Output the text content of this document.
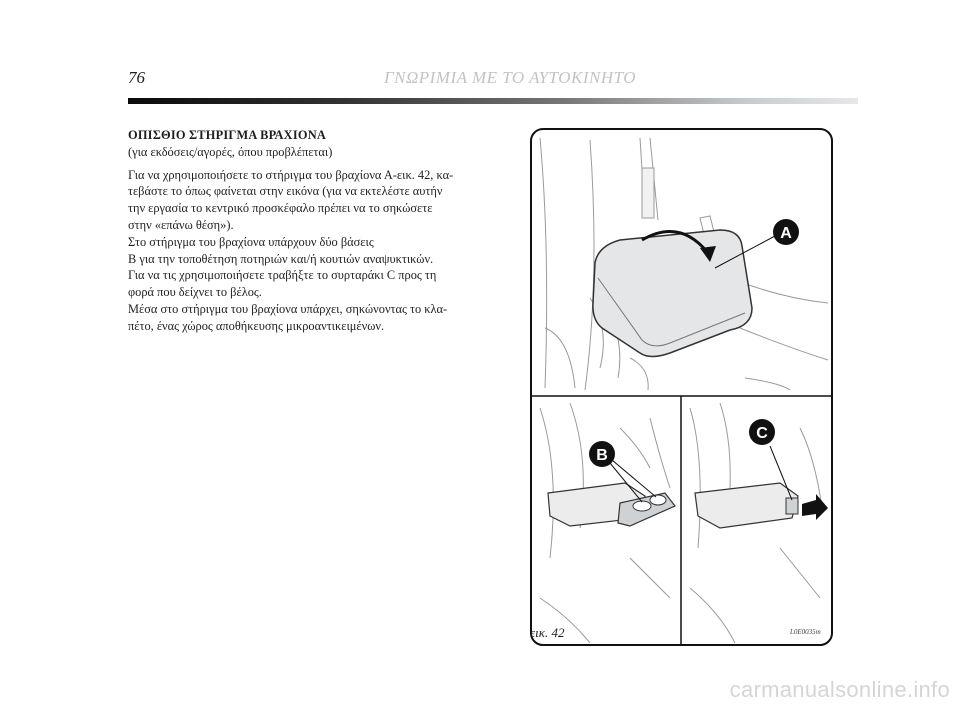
76	ΓΝΩΡΙΜΙΑ ΜΕ ΤΟ ΑΥΤΟΚΙΝΗΤΟ
ΟΠΙΣΘΙΟ ΣΤΗΡΙΓΜΑ ΒΡΑΧΙΟΝΑ
(για εκδόσεις/αγορές, όπου προβλέπεται)
Για να χρησιμοποιήσετε το στήριγμα του βραχίονα Α-εικ. 42, κα-
τεβάστε το όπως φαίνεται στην εικόνα (για να εκτελέστε αυτήν
την εργασία το κεντρικό προσκέφαλο πρέπει να το σηκώσετε
στην «επάνω θέση»).
Στο στήριγμα του βραχίονα υπάρχουν δύο βάσεις
Β για την τοποθέτηση ποτηριών και/ή κουτιών αναψυκτικών.
Για να τις χρησιμοποιήσετε τραβήξτε το συρταράκι C προς τη
φορά που δείχνει το βέλος.
Μέσα στο στήριγμα του βραχίονα υπάρχει, σηκώνοντας το κλα-
πέτο, ένας χώρος αποθήκευσης μικροαντικειμένων.
A
B
C
εικ. 42	L0E0035m
carmanualsonline.info
